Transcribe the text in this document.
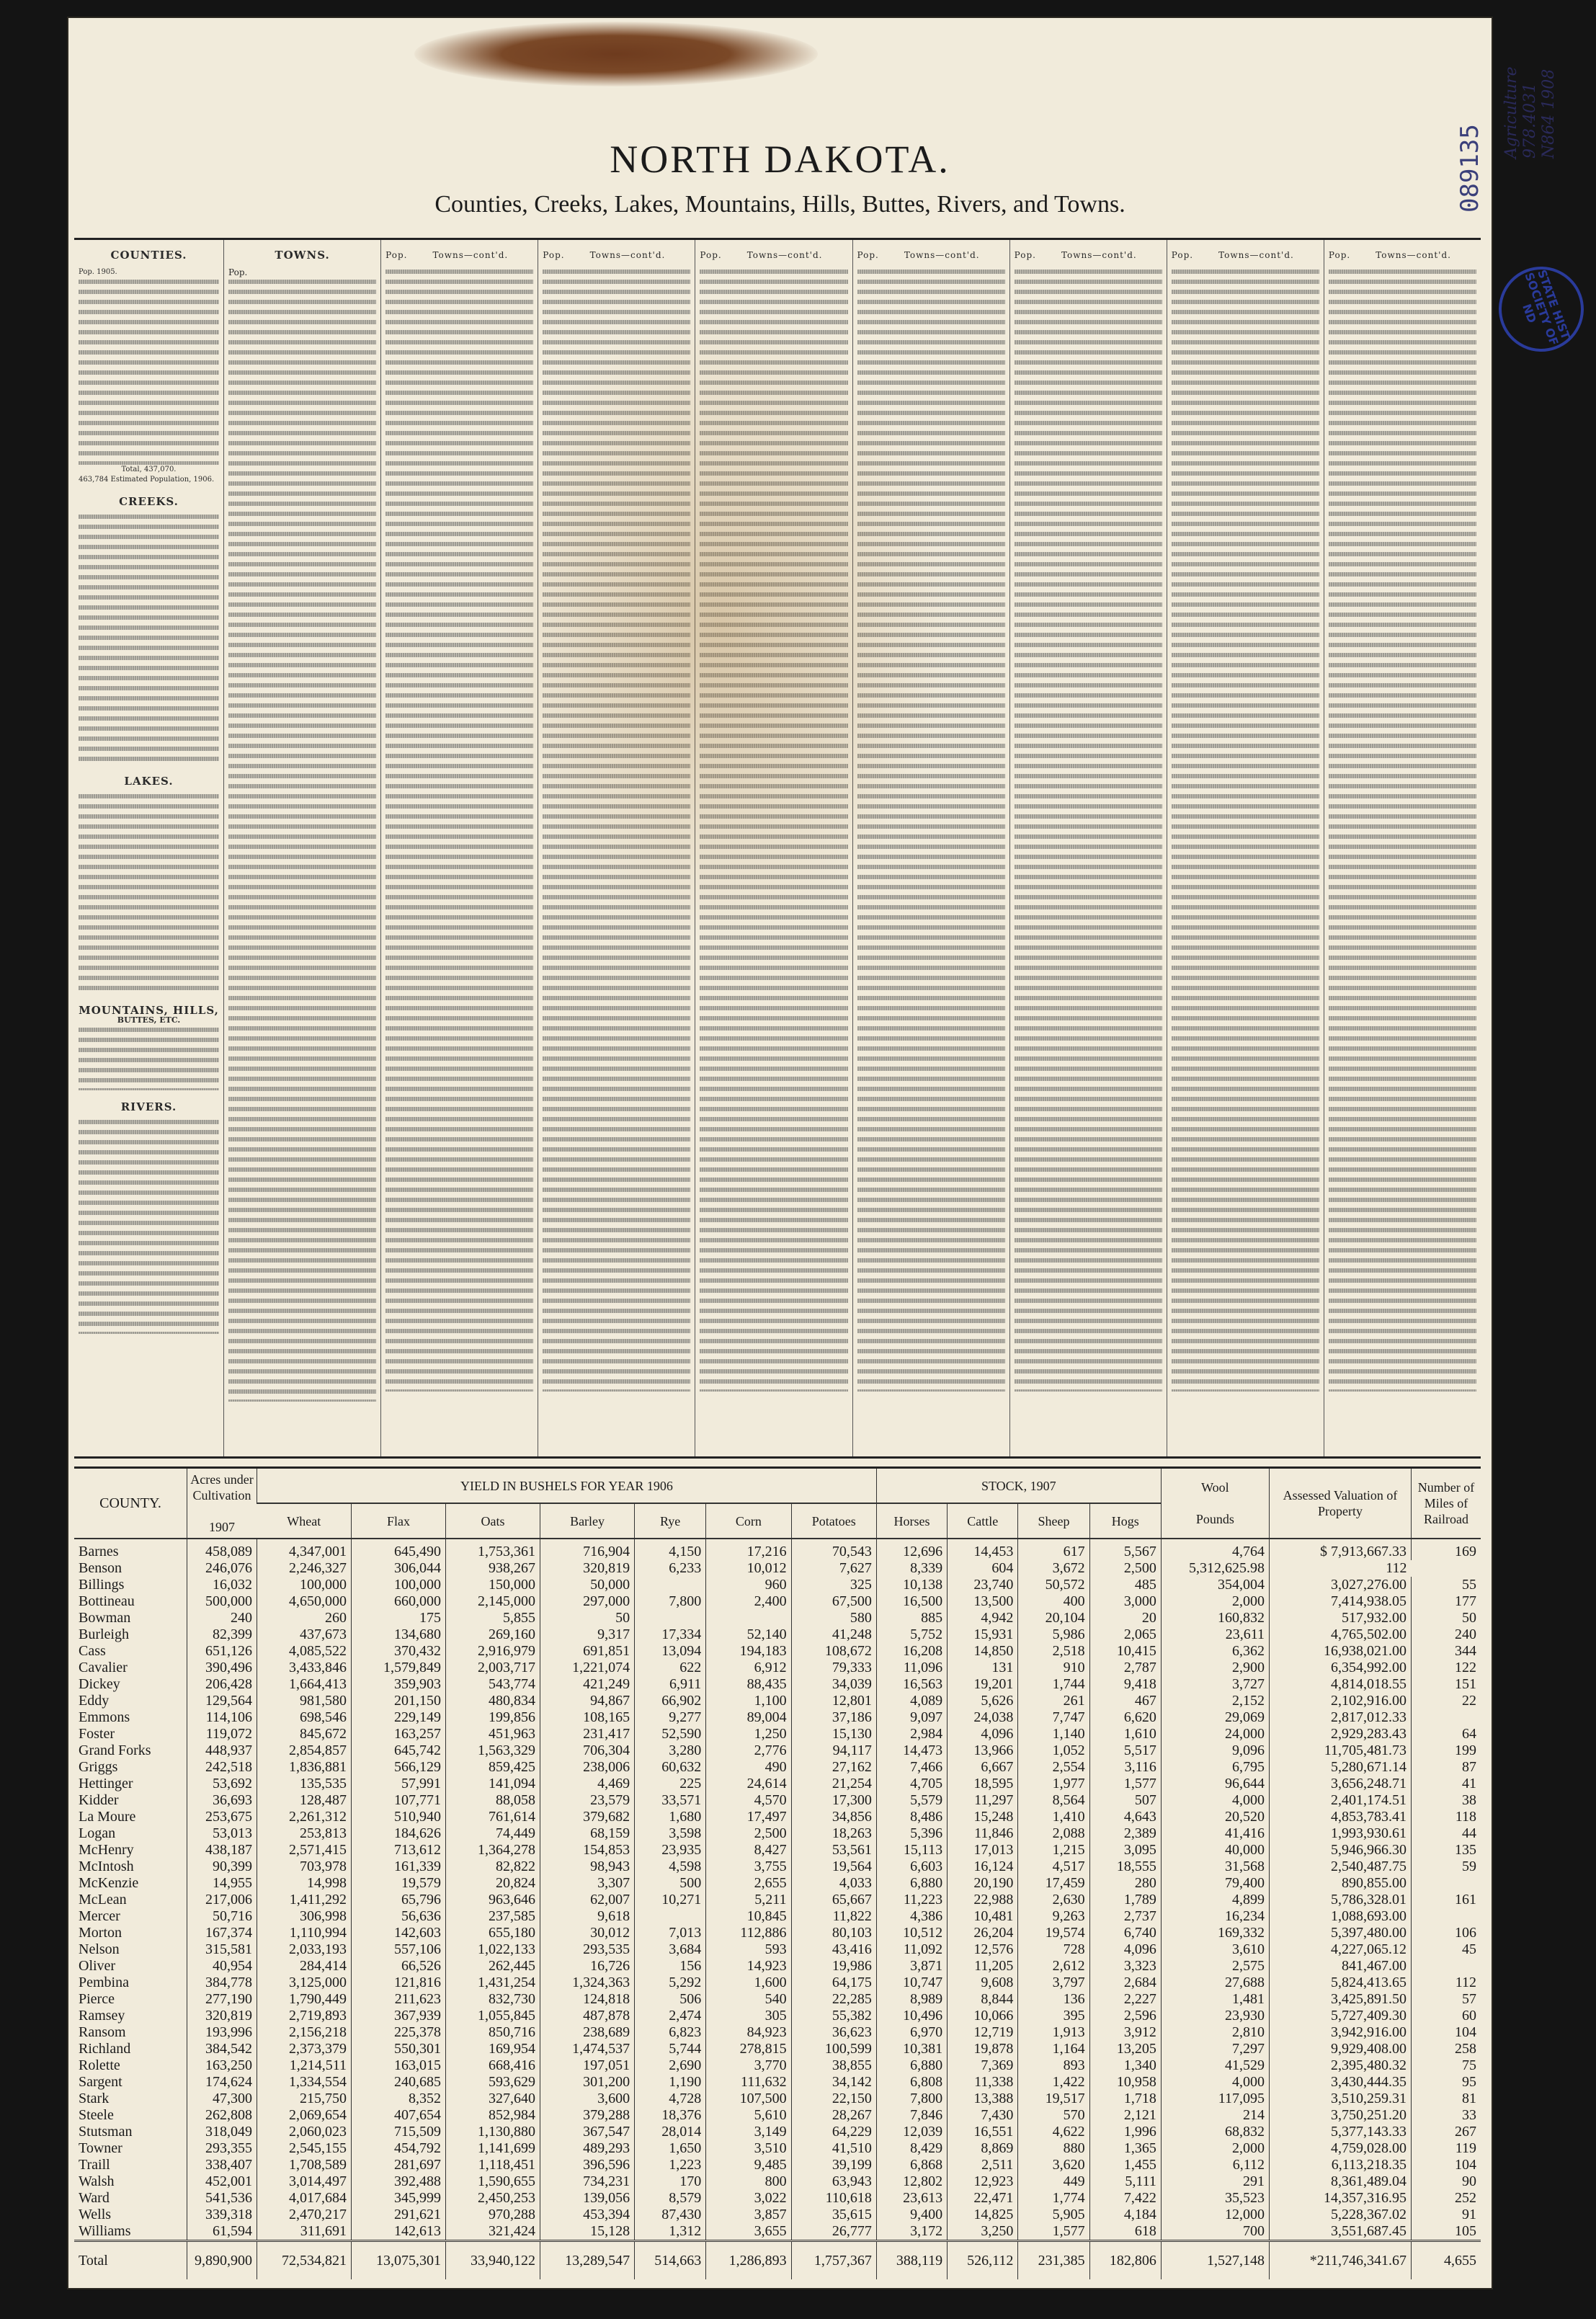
Agriculture 978.4031 N864 1908
089135
STATE HIST SOCIETY OF ND
NORTH DAKOTA.
Counties, Creeks, Lakes, Mountains, Hills, Buttes, Rivers, and Towns.
COUNTIES.
Pop. 1905.
Total, 437,070.
463,784 Estimated Population, 1906.
CREEKS.
LAKES.
MOUNTAINS, HILLS,
BUTTES, ETC.
RIVERS.
TOWNS.
Pop.
Pop.	Towns—cont'd.	Pop.	Towns—cont'd.	Pop.	Towns—cont'd.	Pop.	Towns—cont'd.	Pop.	Towns—cont'd.	Pop.	Towns—cont'd.	Pop.	Towns—cont'd.
COUNTY.	Acres under Cultivation

1907	YIELD IN BUSHELS FOR YEAR 1906							STOCK, 1907				Wool

Pounds	Assessed Valuation of Property	Number of Miles of Railroad
		Wheat	Flax	Oats	Barley	Rye	Corn	Potatoes	Horses	Cattle	Sheep	Hogs			
Barnes	458,089	4,347,001	645,490	1,753,361	716,904	4,150	17,216	70,543	12,696	14,453	617	5,567	4,764	$ 7,913,667.33	169
Benson	246,076	2,246,327	306,044	938,267	320,819	6,233	10,012	7,627	8,339	604	3,672	2,500	5,312,625.98	112	
Billings	16,032	100,000	100,000	150,000	50,000		960	325	10,138	23,740	50,572	485	354,004	3,027,276.00	55
Bottineau	500,000	4,650,000	660,000	2,145,000	297,000	7,800	2,400	67,500	16,500	13,500	400	3,000	2,000	7,414,938.05	177
Bowman	240	260	175	5,855	50			580	885	4,942	20,104	20	160,832	517,932.00	50
Burleigh	82,399	437,673	134,680	269,160	9,317	17,334	52,140	41,248	5,752	15,931	5,986	2,065	23,611	4,765,502.00	240
Cass	651,126	4,085,522	370,432	2,916,979	691,851	13,094	194,183	108,672	16,208	14,850	2,518	10,415	6,362	16,938,021.00	344
Cavalier	390,496	3,433,846	1,579,849	2,003,717	1,221,074	622	6,912	79,333	11,096	131	910	2,787	2,900	6,354,992.00	122
Dickey	206,428	1,664,413	359,903	543,774	421,249	6,911	88,435	34,039	16,563	19,201	1,744	9,418	3,727	4,814,018.55	151
Eddy	129,564	981,580	201,150	480,834	94,867	66,902	1,100	12,801	4,089	5,626	261	467	2,152	2,102,916.00	22
Emmons	114,106	698,546	229,149	199,856	108,165	9,277	89,004	37,186	9,097	24,038	7,747	6,620	29,069	2,817,012.33	
Foster	119,072	845,672	163,257	451,963	231,417	52,590	1,250	15,130	2,984	4,096	1,140	1,610	24,000	2,929,283.43	64
Grand Forks	448,937	2,854,857	645,742	1,563,329	706,304	3,280	2,776	94,117	14,473	13,966	1,052	5,517	9,096	11,705,481.73	199
Griggs	242,518	1,836,881	566,129	859,425	238,006	60,632	490	27,162	7,466	6,667	2,554	3,116	6,795	5,280,671.14	87
Hettinger	53,692	135,535	57,991	141,094	4,469	225	24,614	21,254	4,705	18,595	1,977	1,577	96,644	3,656,248.71	41
Kidder	36,693	128,487	107,771	88,058	23,579	33,571	4,570	17,300	5,579	11,297	8,564	507	4,000	2,401,174.51	38
La Moure	253,675	2,261,312	510,940	761,614	379,682	1,680	17,497	34,856	8,486	15,248	1,410	4,643	20,520	4,853,783.41	118
Logan	53,013	253,813	184,626	74,449	68,159	3,598	2,500	18,263	5,396	11,846	2,088	2,389	41,416	1,993,930.61	44
McHenry	438,187	2,571,415	713,612	1,364,278	154,853	23,935	8,427	53,561	15,113	17,013	1,215	3,095	40,000	5,946,966.30	135
McIntosh	90,399	703,978	161,339	82,822	98,943	4,598	3,755	19,564	6,603	16,124	4,517	18,555	31,568	2,540,487.75	59
McKenzie	14,955	14,998	19,579	20,824	3,307	500	2,655	4,033	6,880	20,190	17,459	280	79,400	890,855.00	
McLean	217,006	1,411,292	65,796	963,646	62,007	10,271	5,211	65,667	11,223	22,988	2,630	1,789	4,899	5,786,328.01	161
Mercer	50,716	306,998	56,636	237,585	9,618		10,845	11,822	4,386	10,481	9,263	2,737	16,234	1,088,693.00	
Morton	167,374	1,110,994	142,603	655,180	30,012	7,013	112,886	80,103	10,512	26,204	19,574	6,740	169,332	5,397,480.00	106
Nelson	315,581	2,033,193	557,106	1,022,133	293,535	3,684	593	43,416	11,092	12,576	728	4,096	3,610	4,227,065.12	45
Oliver	40,954	284,414	66,526	262,445	16,726	156	14,923	19,986	3,871	11,205	2,612	3,323	2,575	841,467.00	
Pembina	384,778	3,125,000	121,816	1,431,254	1,324,363	5,292	1,600	64,175	10,747	9,608	3,797	2,684	27,688	5,824,413.65	112
Pierce	277,190	1,790,449	211,623	832,730	124,818	506	540	22,285	8,989	8,844	136	2,227	1,481	3,425,891.50	57
Ramsey	320,819	2,719,893	367,939	1,055,845	487,878	2,474	305	55,382	10,496	10,066	395	2,596	23,930	5,727,409.30	60
Ransom	193,996	2,156,218	225,378	850,716	238,689	6,823	84,923	36,623	6,970	12,719	1,913	3,912	2,810	3,942,916.00	104
Richland	384,542	2,373,379	550,301	169,954	1,474,537	5,744	278,815	100,599	10,381	19,878	1,164	13,205	7,297	9,929,408.00	258
Rolette	163,250	1,214,511	163,015	668,416	197,051	2,690	3,770	38,855	6,880	7,369	893	1,340	41,529	2,395,480.32	75
Sargent	174,624	1,334,554	240,685	593,629	301,200	1,190	111,632	34,142	6,808	11,338	1,422	10,958	4,000	3,430,444.35	95
Stark	47,300	215,750	8,352	327,640	3,600	4,728	107,500	22,150	7,800	13,388	19,517	1,718	117,095	3,510,259.31	81
Steele	262,808	2,069,654	407,654	852,984	379,288	18,376	5,610	28,267	7,846	7,430	570	2,121	214	3,750,251.20	33
Stutsman	318,049	2,060,023	715,509	1,130,880	367,547	28,014	3,149	64,229	12,039	16,551	4,622	1,996	68,832	5,377,143.33	267
Towner	293,355	2,545,155	454,792	1,141,699	489,293	1,650	3,510	41,510	8,429	8,869	880	1,365	2,000	4,759,028.00	119
Traill	338,407	1,708,589	281,697	1,118,451	396,596	1,223	9,485	39,199	6,868	2,511	3,620	1,455	6,112	6,113,218.35	104
Walsh	452,001	3,014,497	392,488	1,590,655	734,231	170	800	63,943	12,802	12,923	449	5,111	291	8,361,489.04	90
Ward	541,536	4,017,684	345,999	2,450,253	139,056	8,579	3,022	110,618	23,613	22,471	1,774	7,422	35,523	14,357,316.95	252
Wells	339,318	2,470,217	291,621	970,288	453,394	87,430	3,857	35,615	9,400	14,825	5,905	4,184	12,000	5,228,367.02	91
Williams	61,594	311,691	142,613	321,424	15,128	1,312	3,655	26,777	3,172	3,250	1,577	618	700	3,551,687.45	105
Total	9,890,900	72,534,821	13,075,301	33,940,122	13,289,547	514,663	1,286,893	1,757,367	388,119	526,112	231,385	182,806	1,527,148	*211,746,341.67	4,655
